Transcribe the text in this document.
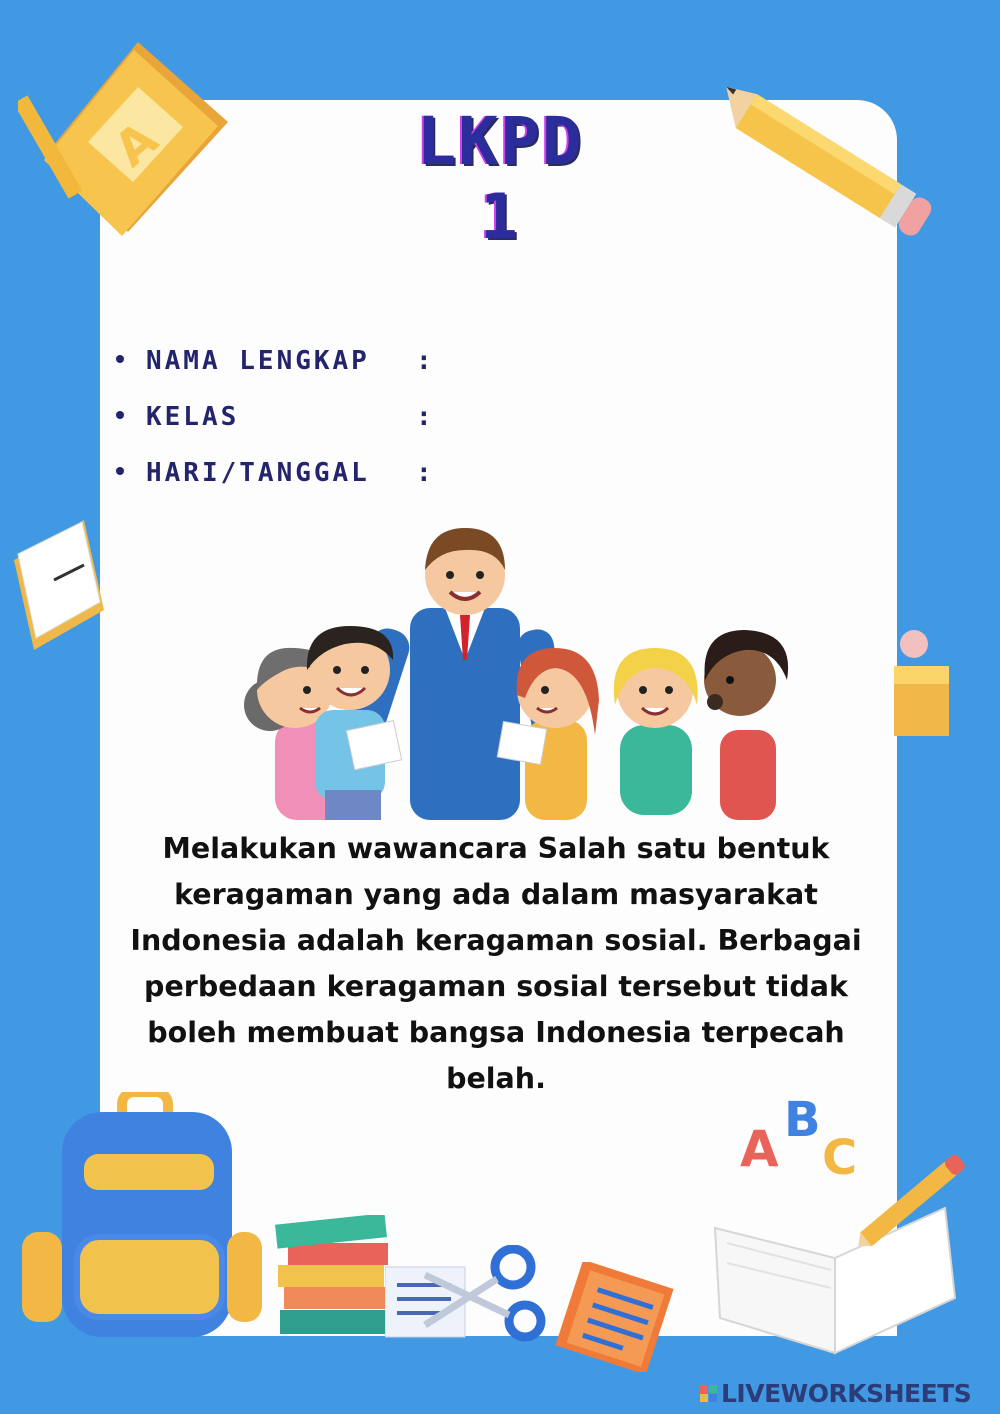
LKPD
1
NAMA LENGKAP :
KELAS	:
HARI/TANGGAL :
Melakukan wawancara Salah satu bentuk keragaman yang ada dalam masyarakat Indonesia adalah keragaman sosial. Berbagai perbedaan keragaman sosial tersebut tidak boleh membuat bangsa Indonesia terpecah belah.
A
A B
C
LIVEWORKSHEETS
